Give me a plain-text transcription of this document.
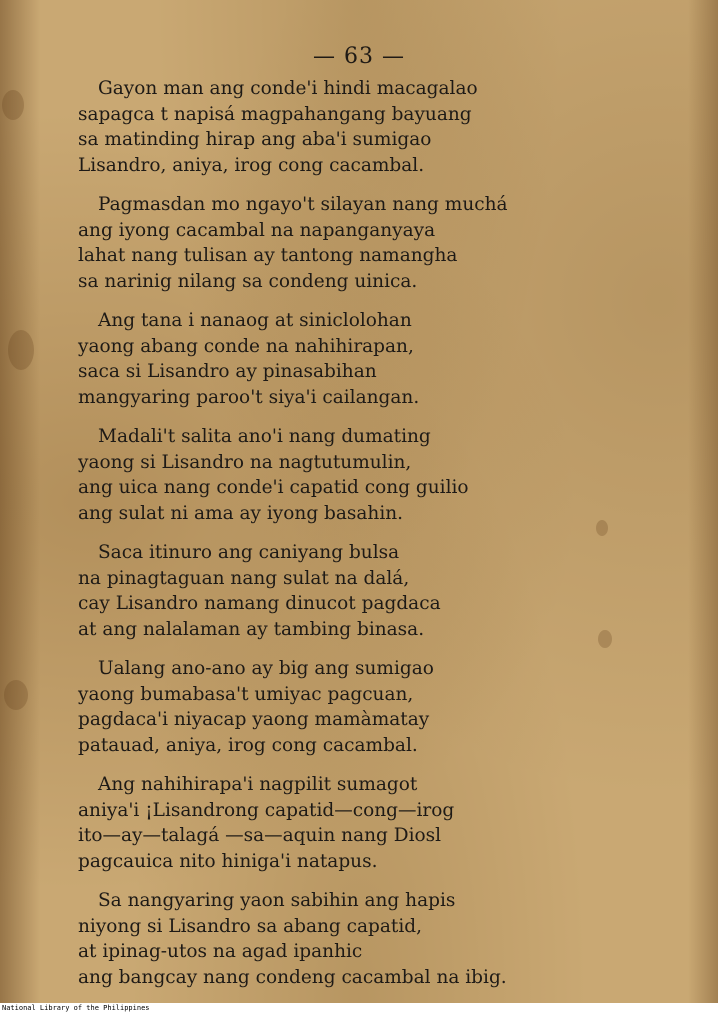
— 63 —
Gayon man ang conde'i hindi macagalao
sapagca t napisá magpahangang bayuang
sa matinding hirap ang aba'i sumigao
Lisandro, aniya, irog cong cacambal.
Pagmasdan mo ngayo't silayan nang muchá
ang iyong cacambal na napanganyaya
lahat nang tulisan ay tantong namangha
sa narinig nilang sa condeng uinica.
Ang tana i nanaog at siniclolohan
yaong abang conde na nahihirapan,
saca si Lisandro ay pinasabihan
mangyaring paroo't siya'i cailangan.
Madali't salita ano'i nang dumating
yaong si Lisandro na nagtutumulin,
ang uica nang conde'i capatid cong guilio
ang sulat ni ama ay iyong basahin.
Saca itinuro ang caniyang bulsa
na pinagtaguan nang sulat na dalá,
cay Lisandro namang dinucot pagdaca
at ang nalalaman ay tambing binasa.
Ualang ano-ano ay big ang sumigao
yaong bumabasa't umiyac pagcuan,
pagdaca'i niyacap yaong mamàmatay
patauad, aniya, irog cong cacambal.
Ang nahihirapa'i nagpilit sumagot
aniya'i ¡Lisandrong capatid—cong—irog
ito—ay—talagá —sa—aquin nang Diosl
pagcauica nito hiniga'i natapus.
Sa nangyaring yaon sabihin ang hapis
niyong si Lisandro sa abang capatid,
at ipinag-utos na agad ipanhic
ang bangcay nang condeng cacambal na ibig.
National Library of the Philippines
